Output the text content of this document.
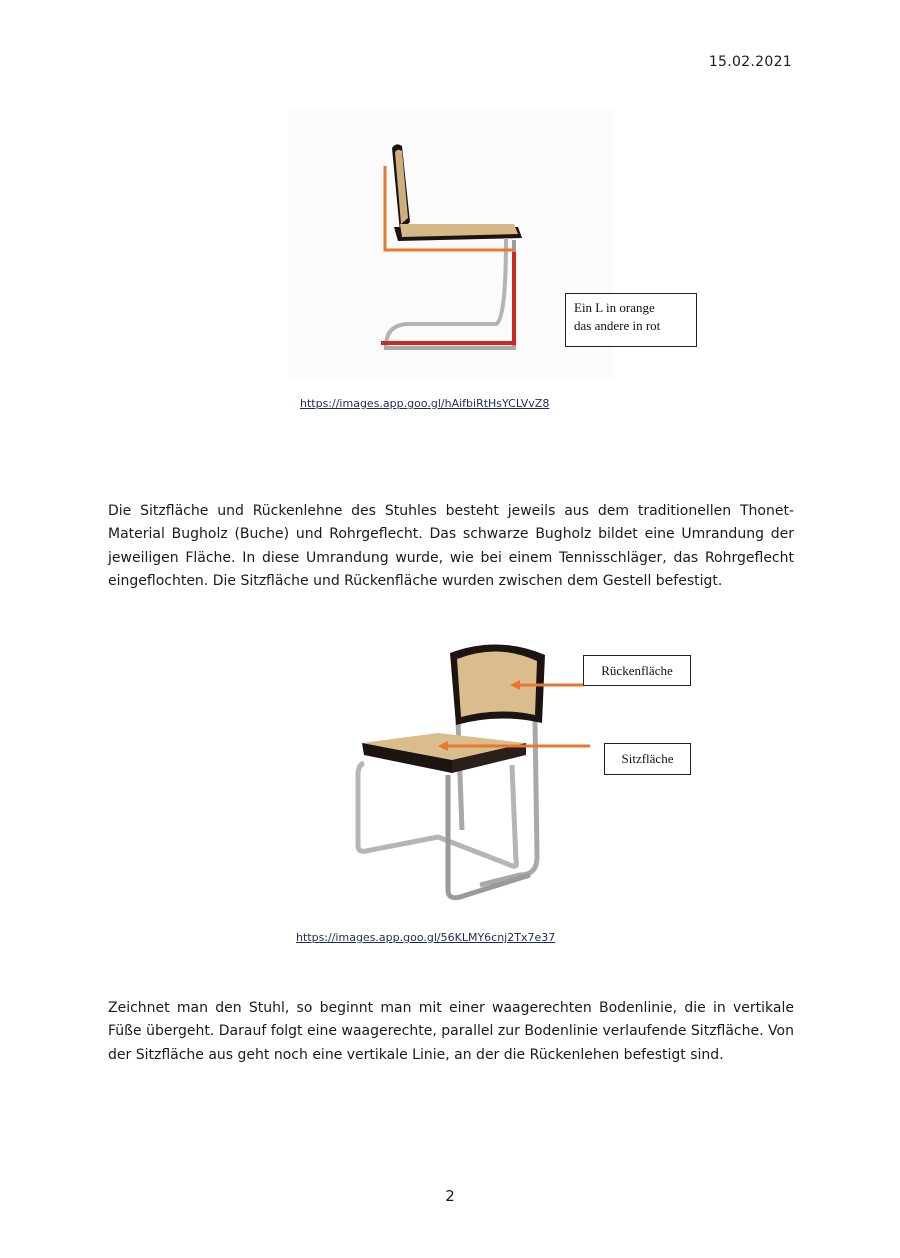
15.02.2021
Ein L in orange
das andere in rot
https://images.app.goo.gl/hAifbiRtHsYCLVvZ8

Die Sitzfläche und Rückenlehne des Stuhles besteht jeweils aus dem traditionellen Thonet-Material Bugholz (Buche) und Rohrgeflecht. Das schwarze Bugholz bildet eine Umrandung der jeweiligen Fläche. In diese Umrandung wurde, wie bei einem Tennisschläger, das Rohrgeflecht eingeflochten. Die Sitzfläche und Rückenfläche wurden zwischen dem Gestell befestigt.

Rückenfläche
Sitzfläche
https://images.app.goo.gl/56KLMY6cnj2Tx7e37

Zeichnet man den Stuhl, so beginnt man mit einer waagerechten Bodenlinie, die in vertikale Füße übergeht. Darauf folgt eine waagerechte, parallel zur Bodenlinie verlaufende Sitzfläche. Von der Sitzfläche aus geht noch eine vertikale Linie, an der die Rückenlehen befestigt sind.

2
